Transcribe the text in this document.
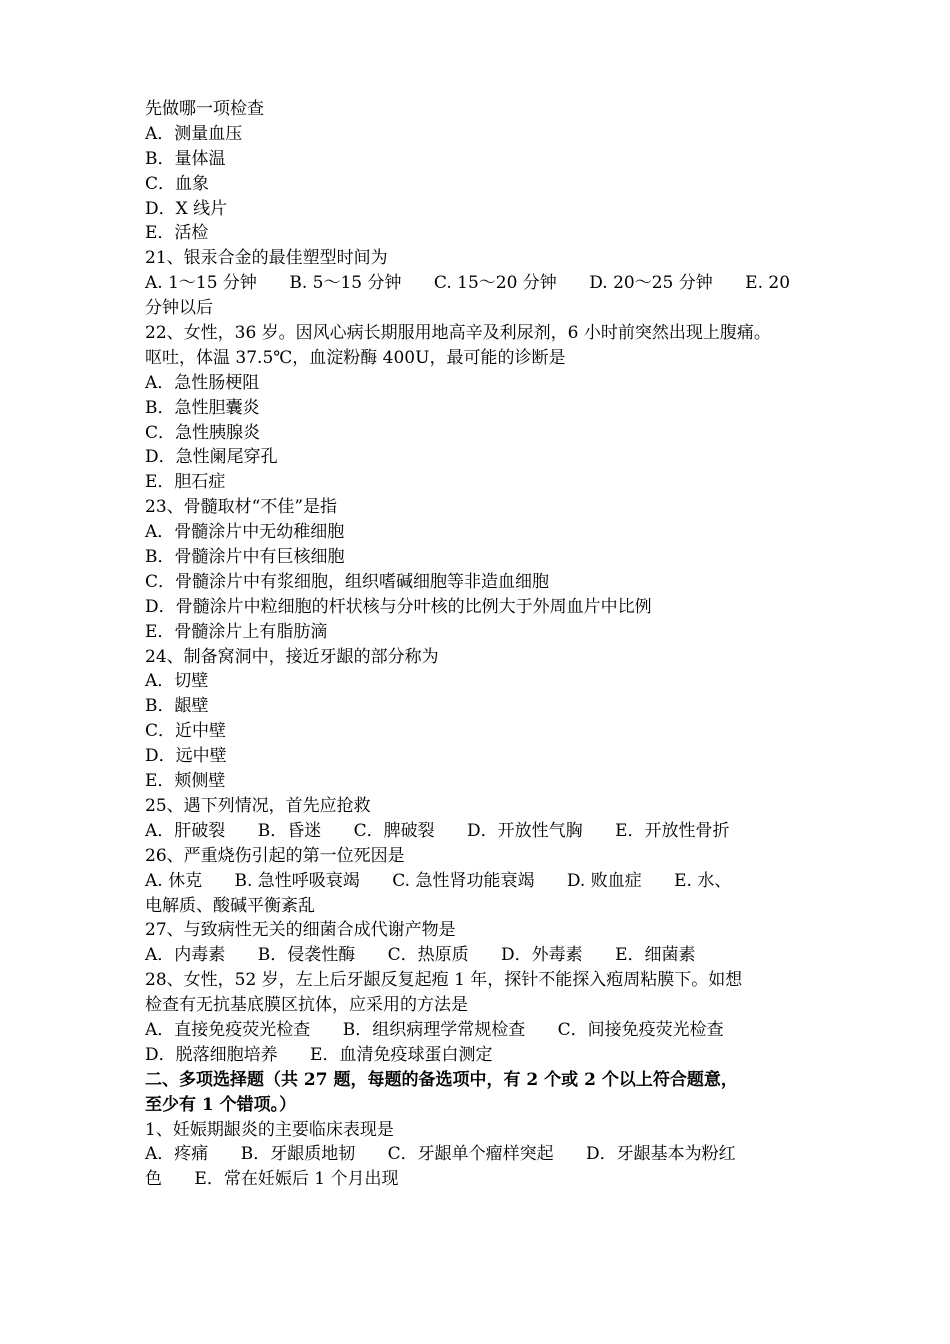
先做哪一项检查
A．测量血压
B．量体温
C．血象
D．X 线片
E．活检
21、银汞合金的最佳塑型时间为
A. 1～15 分钟      B. 5～15 分钟      C. 15～20 分钟      D. 20～25 分钟      E. 20
分钟以后
22、女性，36 岁。因风心病长期服用地高辛及利尿剂，6 小时前突然出现上腹痛。
呕吐，体温 37.5℃，血淀粉酶 400U，最可能的诊断是
A．急性肠梗阻
B．急性胆囊炎
C．急性胰腺炎
D．急性阑尾穿孔
E．胆石症
23、骨髓取材“不佳”是指
A．骨髓涂片中无幼稚细胞
B．骨髓涂片中有巨核细胞
C．骨髓涂片中有浆细胞，组织嗜碱细胞等非造血细胞
D．骨髓涂片中粒细胞的杆状核与分叶核的比例大于外周血片中比例
E．骨髓涂片上有脂肪滴
24、制备窝洞中，接近牙龈的部分称为
A．切壁
B．龈壁
C．近中壁
D．远中壁
E．颊侧壁
25、遇下列情况，首先应抢救
A．肝破裂      B．昏迷      C．脾破裂      D．开放性气胸      E．开放性骨折
26、严重烧伤引起的第一位死因是
A. 休克      B. 急性呼吸衰竭      C. 急性肾功能衰竭      D. 败血症      E. 水、
电解质、酸碱平衡紊乱
27、与致病性无关的细菌合成代谢产物是
A．内毒素      B．侵袭性酶      C．热原质      D．外毒素      E．细菌素
28、女性，52 岁，左上后牙龈反复起疱 1 年，探针不能探入疱周粘膜下。如想
检查有无抗基底膜区抗体，应采用的方法是
A．直接免疫荧光检查      B．组织病理学常规检查      C．间接免疫荧光检查
D．脱落细胞培养      E．血清免疫球蛋白测定
二、多项选择题（共 27 题，每题的备选项中，有 2 个或 2 个以上符合题意，
至少有 1 个错项。）
1、妊娠期龈炎的主要临床表现是
A．疼痛      B．牙龈质地韧      C．牙龈单个瘤样突起      D．牙龈基本为粉红
色      E．常在妊娠后 1 个月出现
